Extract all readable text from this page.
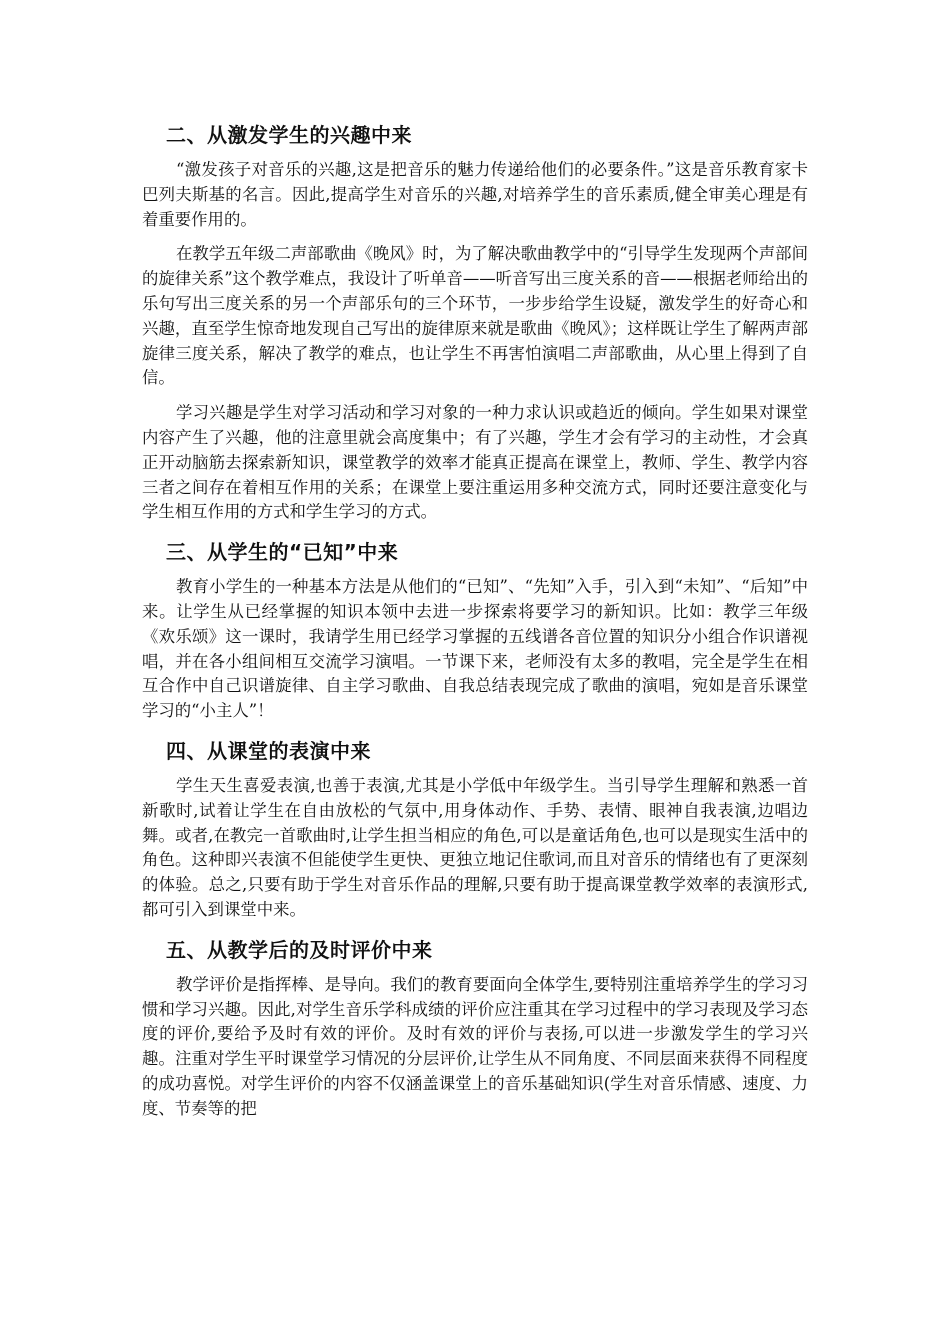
二、从激发学生的兴趣中来

“激发孩子对音乐的兴趣,这是把音乐的魅力传递给他们的必要条件。”这是音乐教育家卡巴列夫斯基的名言。因此,提高学生对音乐的兴趣,对培养学生的音乐素质,健全审美心理是有着重要作用的。

在教学五年级二声部歌曲《晚风》时，为了解决歌曲教学中的“引导学生发现两个声部间的旋律关系”这个教学难点，我设计了听单音——听音写出三度关系的音——根据老师给出的乐句写出三度关系的另一个声部乐句的三个环节，一步步给学生设疑，激发学生的好奇心和兴趣，直至学生惊奇地发现自己写出的旋律原来就是歌曲《晚风》；这样既让学生了解两声部旋律三度关系，解决了教学的难点，也让学生不再害怕演唱二声部歌曲，从心里上得到了自信。

学习兴趣是学生对学习活动和学习对象的一种力求认识或趋近的倾向。学生如果对课堂内容产生了兴趣，他的注意里就会高度集中；有了兴趣，学生才会有学习的主动性，才会真正开动脑筋去探索新知识，课堂教学的效率才能真正提高在课堂上，教师、学生、教学内容三者之间存在着相互作用的关系；在课堂上要注重运用多种交流方式，同时还要注意变化与学生相互作用的方式和学生学习的方式。

三、从学生的“已知”中来

教育小学生的一种基本方法是从他们的“已知”、“先知”入手，引入到“未知”、“后知”中来。让学生从已经掌握的知识本领中去进一步探索将要学习的新知识。比如：教学三年级《欢乐颂》这一课时，我请学生用已经学习掌握的五线谱各音位置的知识分小组合作识谱视唱，并在各小组间相互交流学习演唱。一节课下来，老师没有太多的教唱，完全是学生在相互合作中自己识谱旋律、自主学习歌曲、自我总结表现完成了歌曲的演唱，宛如是音乐课堂学习的“小主人”！

四、从课堂的表演中来

学生天生喜爱表演,也善于表演,尤其是小学低中年级学生。当引导学生理解和熟悉一首新歌时,试着让学生在自由放松的气氛中,用身体动作、手势、表情、眼神自我表演,边唱边舞。或者,在教完一首歌曲时,让学生担当相应的角色,可以是童话角色,也可以是现实生活中的角色。这种即兴表演不但能使学生更快、更独立地记住歌词,而且对音乐的情绪也有了更深刻的体验。总之,只要有助于学生对音乐作品的理解,只要有助于提高课堂教学效率的表演形式,都可引入到课堂中来。

五、从教学后的及时评价中来

教学评价是指挥棒、是导向。我们的教育要面向全体学生,要特别注重培养学生的学习习惯和学习兴趣。因此,对学生音乐学科成绩的评价应注重其在学习过程中的学习表现及学习态度的评价,要给予及时有效的评价。及时有效的评价与表扬,可以进一步激发学生的学习兴趣。注重对学生平时课堂学习情况的分层评价,让学生从不同角度、不同层面来获得不同程度的成功喜悦。对学生评价的内容不仅涵盖课堂上的音乐基础知识(学生对音乐情感、速度、力度、节奏等的把
